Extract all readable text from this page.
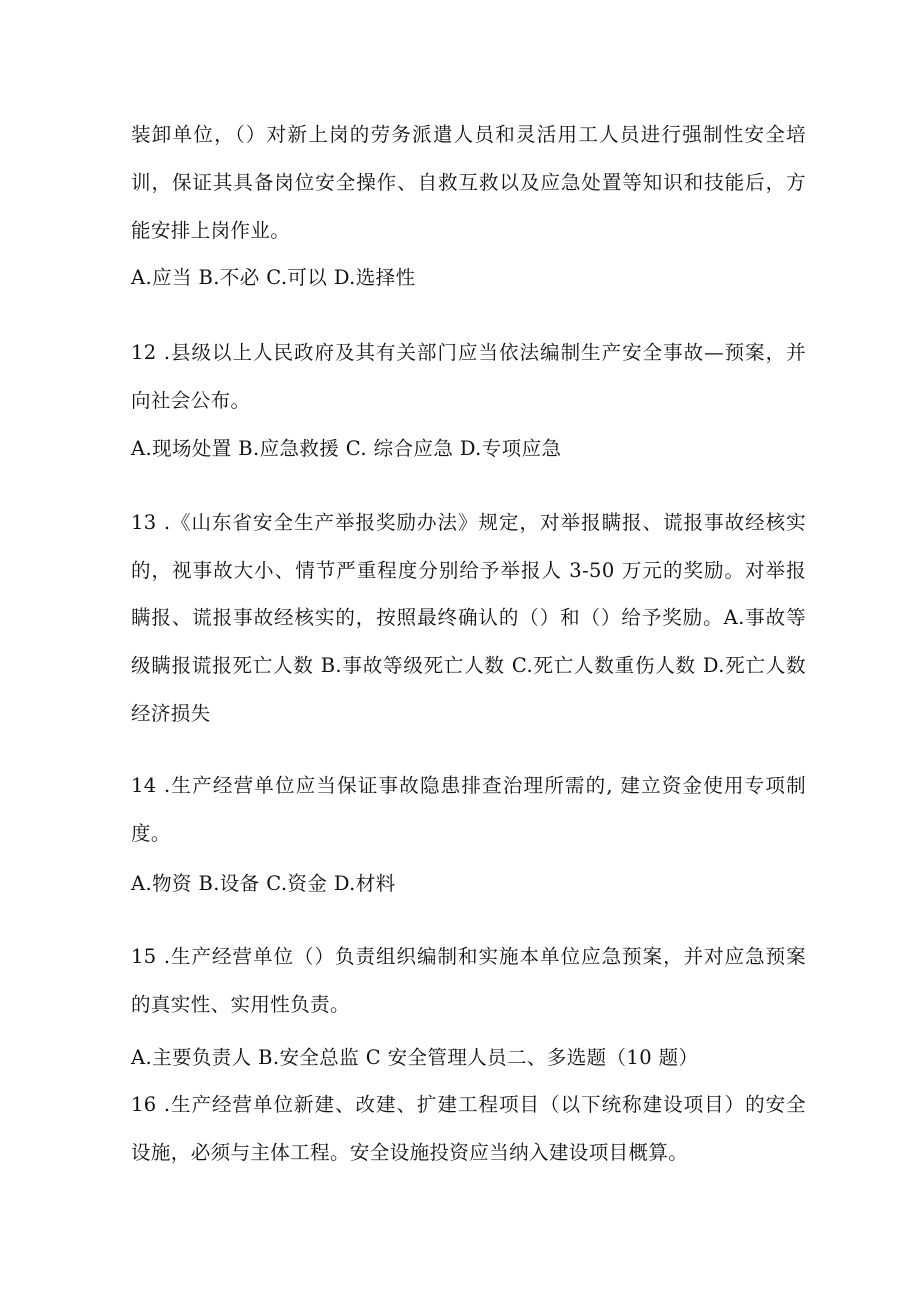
装卸单位，（）对新上岗的劳务派遣人员和灵活用工人员进行强制性安全培
训，保证其具备岗位安全操作、自救互救以及应急处置等知识和技能后，方
能安排上岗作业。
A.应当 B.不必 C.可以 D.选择性
12 .县级以上人民政府及其有关部门应当依法编制生产安全事故—预案，并
向社会公布。
A.现场处置 B.应急救援 C. 综合应急 D.专项应急
13 .《山东省安全生产举报奖励办法》规定，对举报瞒报、谎报事故经核实
的，视事故大小、情节严重程度分别给予举报人 3-50 万元的奖励。对举报
瞒报、谎报事故经核实的，按照最终确认的（）和（）给予奖励。A.事故等
级瞒报谎报死亡人数 B.事故等级死亡人数 C.死亡人数重伤人数 D.死亡人数
经济损失
14 .生产经营单位应当保证事故隐患排查治理所需的, 建立资金使用专项制
度。
A.物资 B.设备 C.资金 D.材料
15 .生产经营单位（）负责组织编制和实施本单位应急预案，并对应急预案
的真实性、实用性负责。
A.主要负责人 B.安全总监 C 安全管理人员二、多选题（10 题）
16 .生产经营单位新建、改建、扩建工程项目（以下统称建设项目）的安全
设施，必须与主体工程。安全设施投资应当纳入建设项目概算。
